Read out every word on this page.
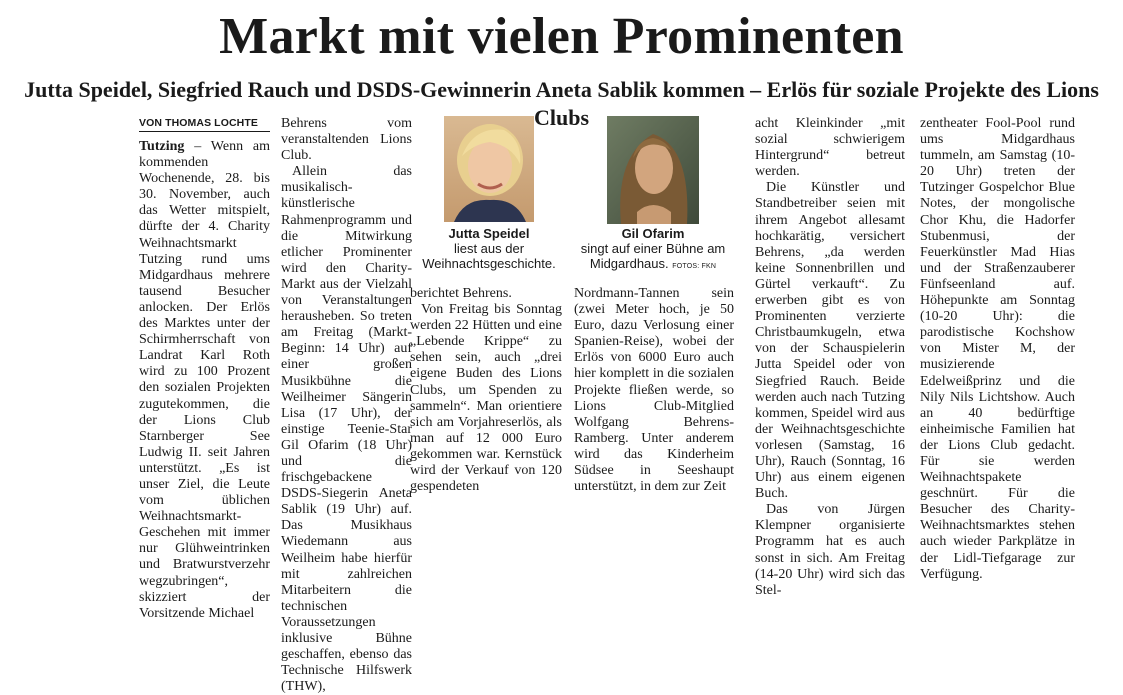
Markt mit vielen Prominenten
Jutta Speidel, Siegfried Rauch und DSDS-Gewinnerin Aneta Sablik kommen – Erlös für soziale Projekte des Lions Clubs
VON THOMAS LOCHTE

Tutzing – Wenn am kommenden Wochenende, 28. bis 30. November, auch das Wetter mitspielt, dürfte der 4. Charity Weihnachtsmarkt Tutzing rund ums Midgardhaus mehrere tausend Besucher anlocken. Der Erlös des Marktes unter der Schirmherrschaft von Landrat Karl Roth wird zu 100 Prozent den sozialen Projekten zugutekommen, die der Lions Club Starnberger See Ludwig II. seit Jahren unterstützt. „Es ist unser Ziel, die Leute vom üblichen Weihnachtsmarkt-Geschehen mit immer nur Glühweintrinken und Bratwurstverzehr wegzubringen“, skizziert der Vorsitzende Michael

Behrens vom veranstaltenden Lions Club.

Allein das musikalisch-künstlerische Rahmenprogramm und die Mitwirkung etlicher Prominenter wird den Charity-Markt aus der Vielzahl von Veranstaltungen herausheben. So treten am Freitag (Markt-Beginn: 14 Uhr) auf einer großen Musikbühne die Weilheimer Sängerin Lisa (17 Uhr), der einstige Teenie-Star Gil Ofarim (18 Uhr) und die frischgebackene DSDS-Siegerin Aneta Sablik (19 Uhr) auf. Das Musikhaus Wiedemann aus Weilheim habe hierfür mit zahlreichen Mitarbeitern die technischen Voraussetzungen inklusive Bühne geschaffen, ebenso das Technische Hilfswerk (THW),

Jutta Speidel
liest aus der Weihnachtsgeschichte.

berichtet Behrens.

Von Freitag bis Sonntag werden 22 Hütten und eine „Lebende Krippe“ zu sehen sein, auch „drei eigene Buden des Lions Clubs, um Spenden zu sammeln“. Man orientiere sich am Vorjahreserlös, als man auf 12 000 Euro gekommen war. Kernstück wird der Verkauf von 120 gespendeten

Gil Ofarim
singt auf einer Bühne am Midgardhaus. FOTOS: FKN

Nordmann-Tannen sein (zwei Meter hoch, je 50 Euro, dazu Verlosung einer Spanien-Reise), wobei der Erlös von 6000 Euro auch hier komplett in die sozialen Projekte fließen werde, so Lions Club-Mitglied Wolfgang Behrens-Ramberg. Unter anderem wird das Kinderheim Südsee in Seeshaupt unterstützt, in dem zur Zeit

acht Kleinkinder „mit sozial schwierigem Hintergrund“ betreut werden.

Die Künstler und Standbetreiber seien mit ihrem Angebot allesamt hochkarätig, versichert Behrens, „da werden keine Sonnenbrillen und Gürtel verkauft“. Zu erwerben gibt es von Prominenten verzierte Christbaumkugeln, etwa von der Schauspielerin Jutta Speidel oder von Siegfried Rauch. Beide werden auch nach Tutzing kommen, Speidel wird aus der Weihnachtsgeschichte vorlesen (Samstag, 16 Uhr), Rauch (Sonntag, 16 Uhr) aus einem eigenen Buch.

Das von Jürgen Klempner organisierte Programm hat es auch sonst in sich. Am Freitag (14-20 Uhr) wird sich das Stel-

zentheater Fool-Pool rund ums Midgardhaus tummeln, am Samstag (10-20 Uhr) treten der Tutzinger Gospelchor Blue Notes, der mongolische Chor Khu, die Hadorfer Stubenmusi, der Feuerkünstler Mad Hias und der Straßenzauberer Fünfseenland auf. Höhepunkte am Sonntag (10-20 Uhr): die parodistische Kochshow von Mister M, der musizierende Edelweißprinz und die Nily Nils Lichtshow. Auch an 40 bedürftige einheimische Familien hat der Lions Club gedacht. Für sie werden Weihnachtspakete geschnürt. Für die Besucher des Charity-Weihnachtsmarktes stehen auch wieder Parkplätze in der Lidl-Tiefgarage zur Verfügung.
